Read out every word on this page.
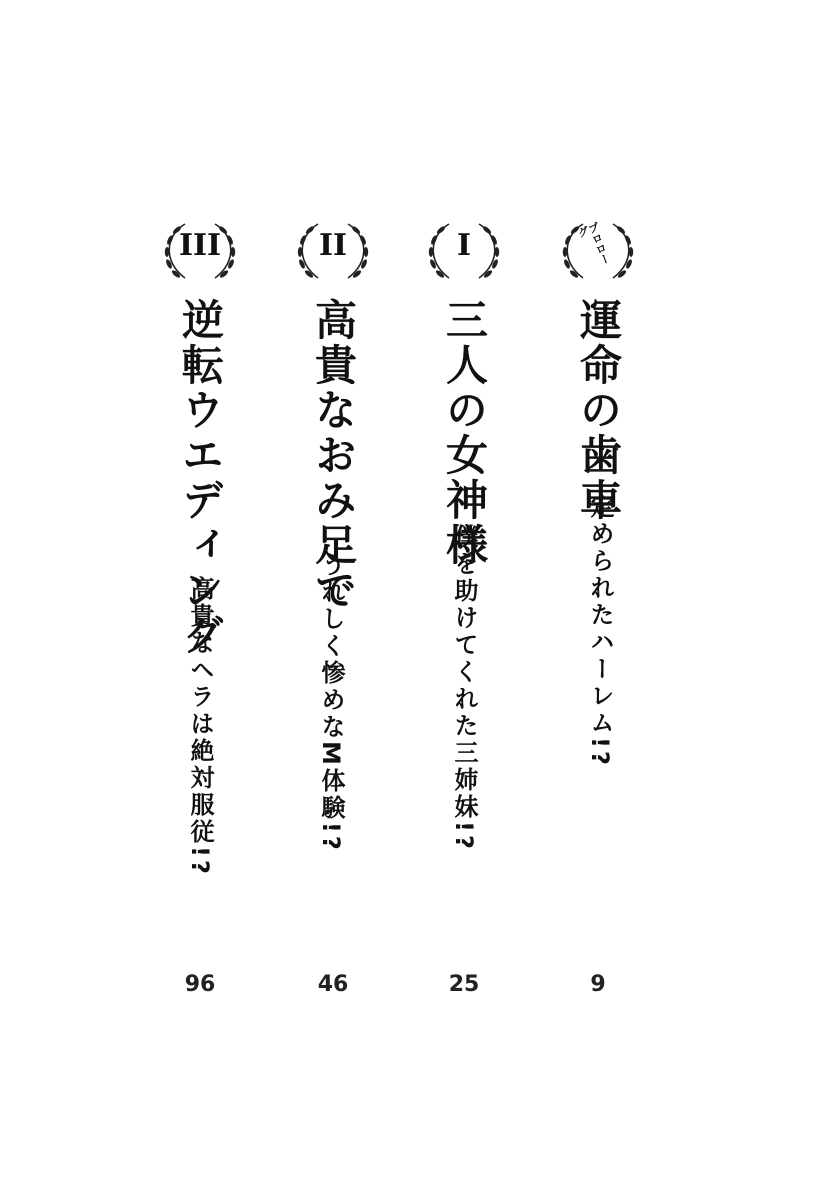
プロローグ
運命の歯車
定められたハーレム!?
9
I
三人の女神様
僕を助けてくれた三姉妹!?
25
II
高貴なおみ足で
うれしく惨めなM体験!?
46
III
逆転ウエディング
高貴なヘラは絶対服従!?
96
